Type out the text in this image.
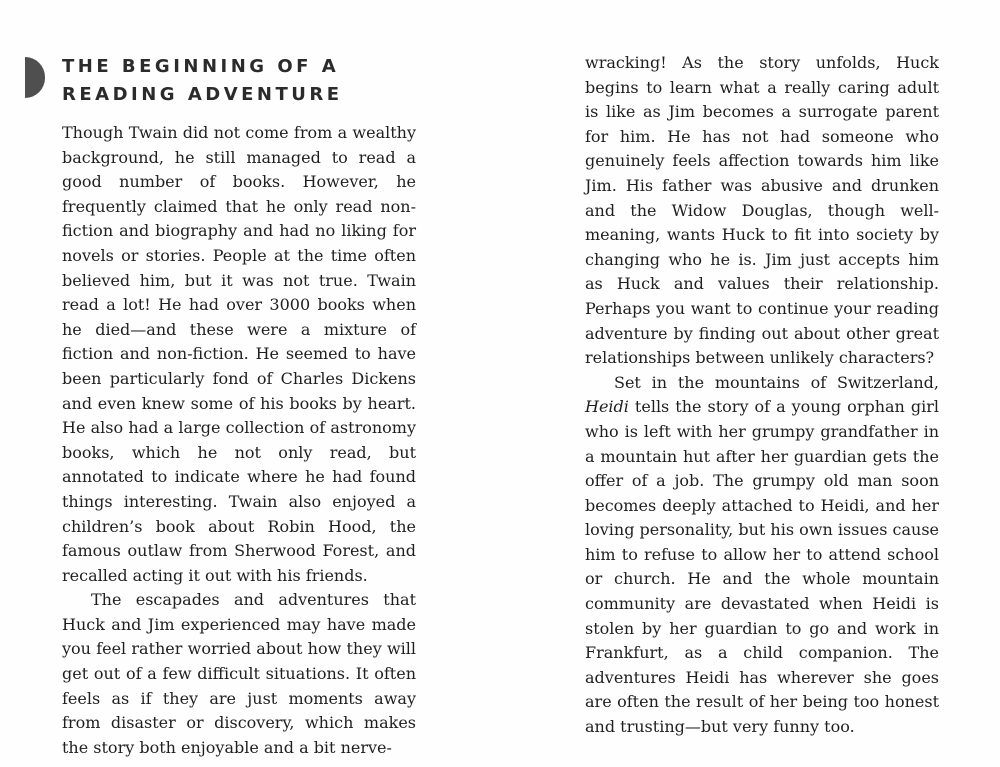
THE BEGINNING OF A
READING ADVENTURE

Though Twain did not come from a wealthy background, he still managed to read a good number of books. However, he frequently claimed that he only read non-fiction and biography and had no liking for novels or stories. People at the time often believed him, but it was not true. Twain read a lot! He had over 3000 books when he died—and these were a mixture of fiction and non-fiction. He seemed to have been particularly fond of Charles Dickens and even knew some of his books by heart. He also had a large collection of astronomy books, which he not only read, but annotated to indicate where he had found things interesting. Twain also enjoyed a children’s book about Robin Hood, the famous outlaw from Sherwood Forest, and recalled acting it out with his friends.

The escapades and adventures that Huck and Jim experienced may have made you feel rather worried about how they will get out of a few difficult situations. It often feels as if they are just moments away from disaster or discovery, which makes the story both enjoyable and a bit nerve-

wracking! As the story unfolds, Huck begins to learn what a really caring adult is like as Jim becomes a surrogate parent for him. He has not had someone who genuinely feels affection towards him like Jim. His father was abusive and drunken and the Widow Douglas, though well-meaning, wants Huck to fit into society by changing who he is. Jim just accepts him as Huck and values their relationship. Perhaps you want to continue your reading adventure by finding out about other great relationships between unlikely characters?

Set in the mountains of Switzerland, Heidi tells the story of a young orphan girl who is left with her grumpy grandfather in a mountain hut after her guardian gets the offer of a job. The grumpy old man soon becomes deeply attached to Heidi, and her loving personality, but his own issues cause him to refuse to allow her to attend school or church. He and the whole mountain community are devastated when Heidi is stolen by her guardian to go and work in Frankfurt, as a child companion. The adventures Heidi has wherever she goes are often the result of her being too honest and trusting—but very funny too.
